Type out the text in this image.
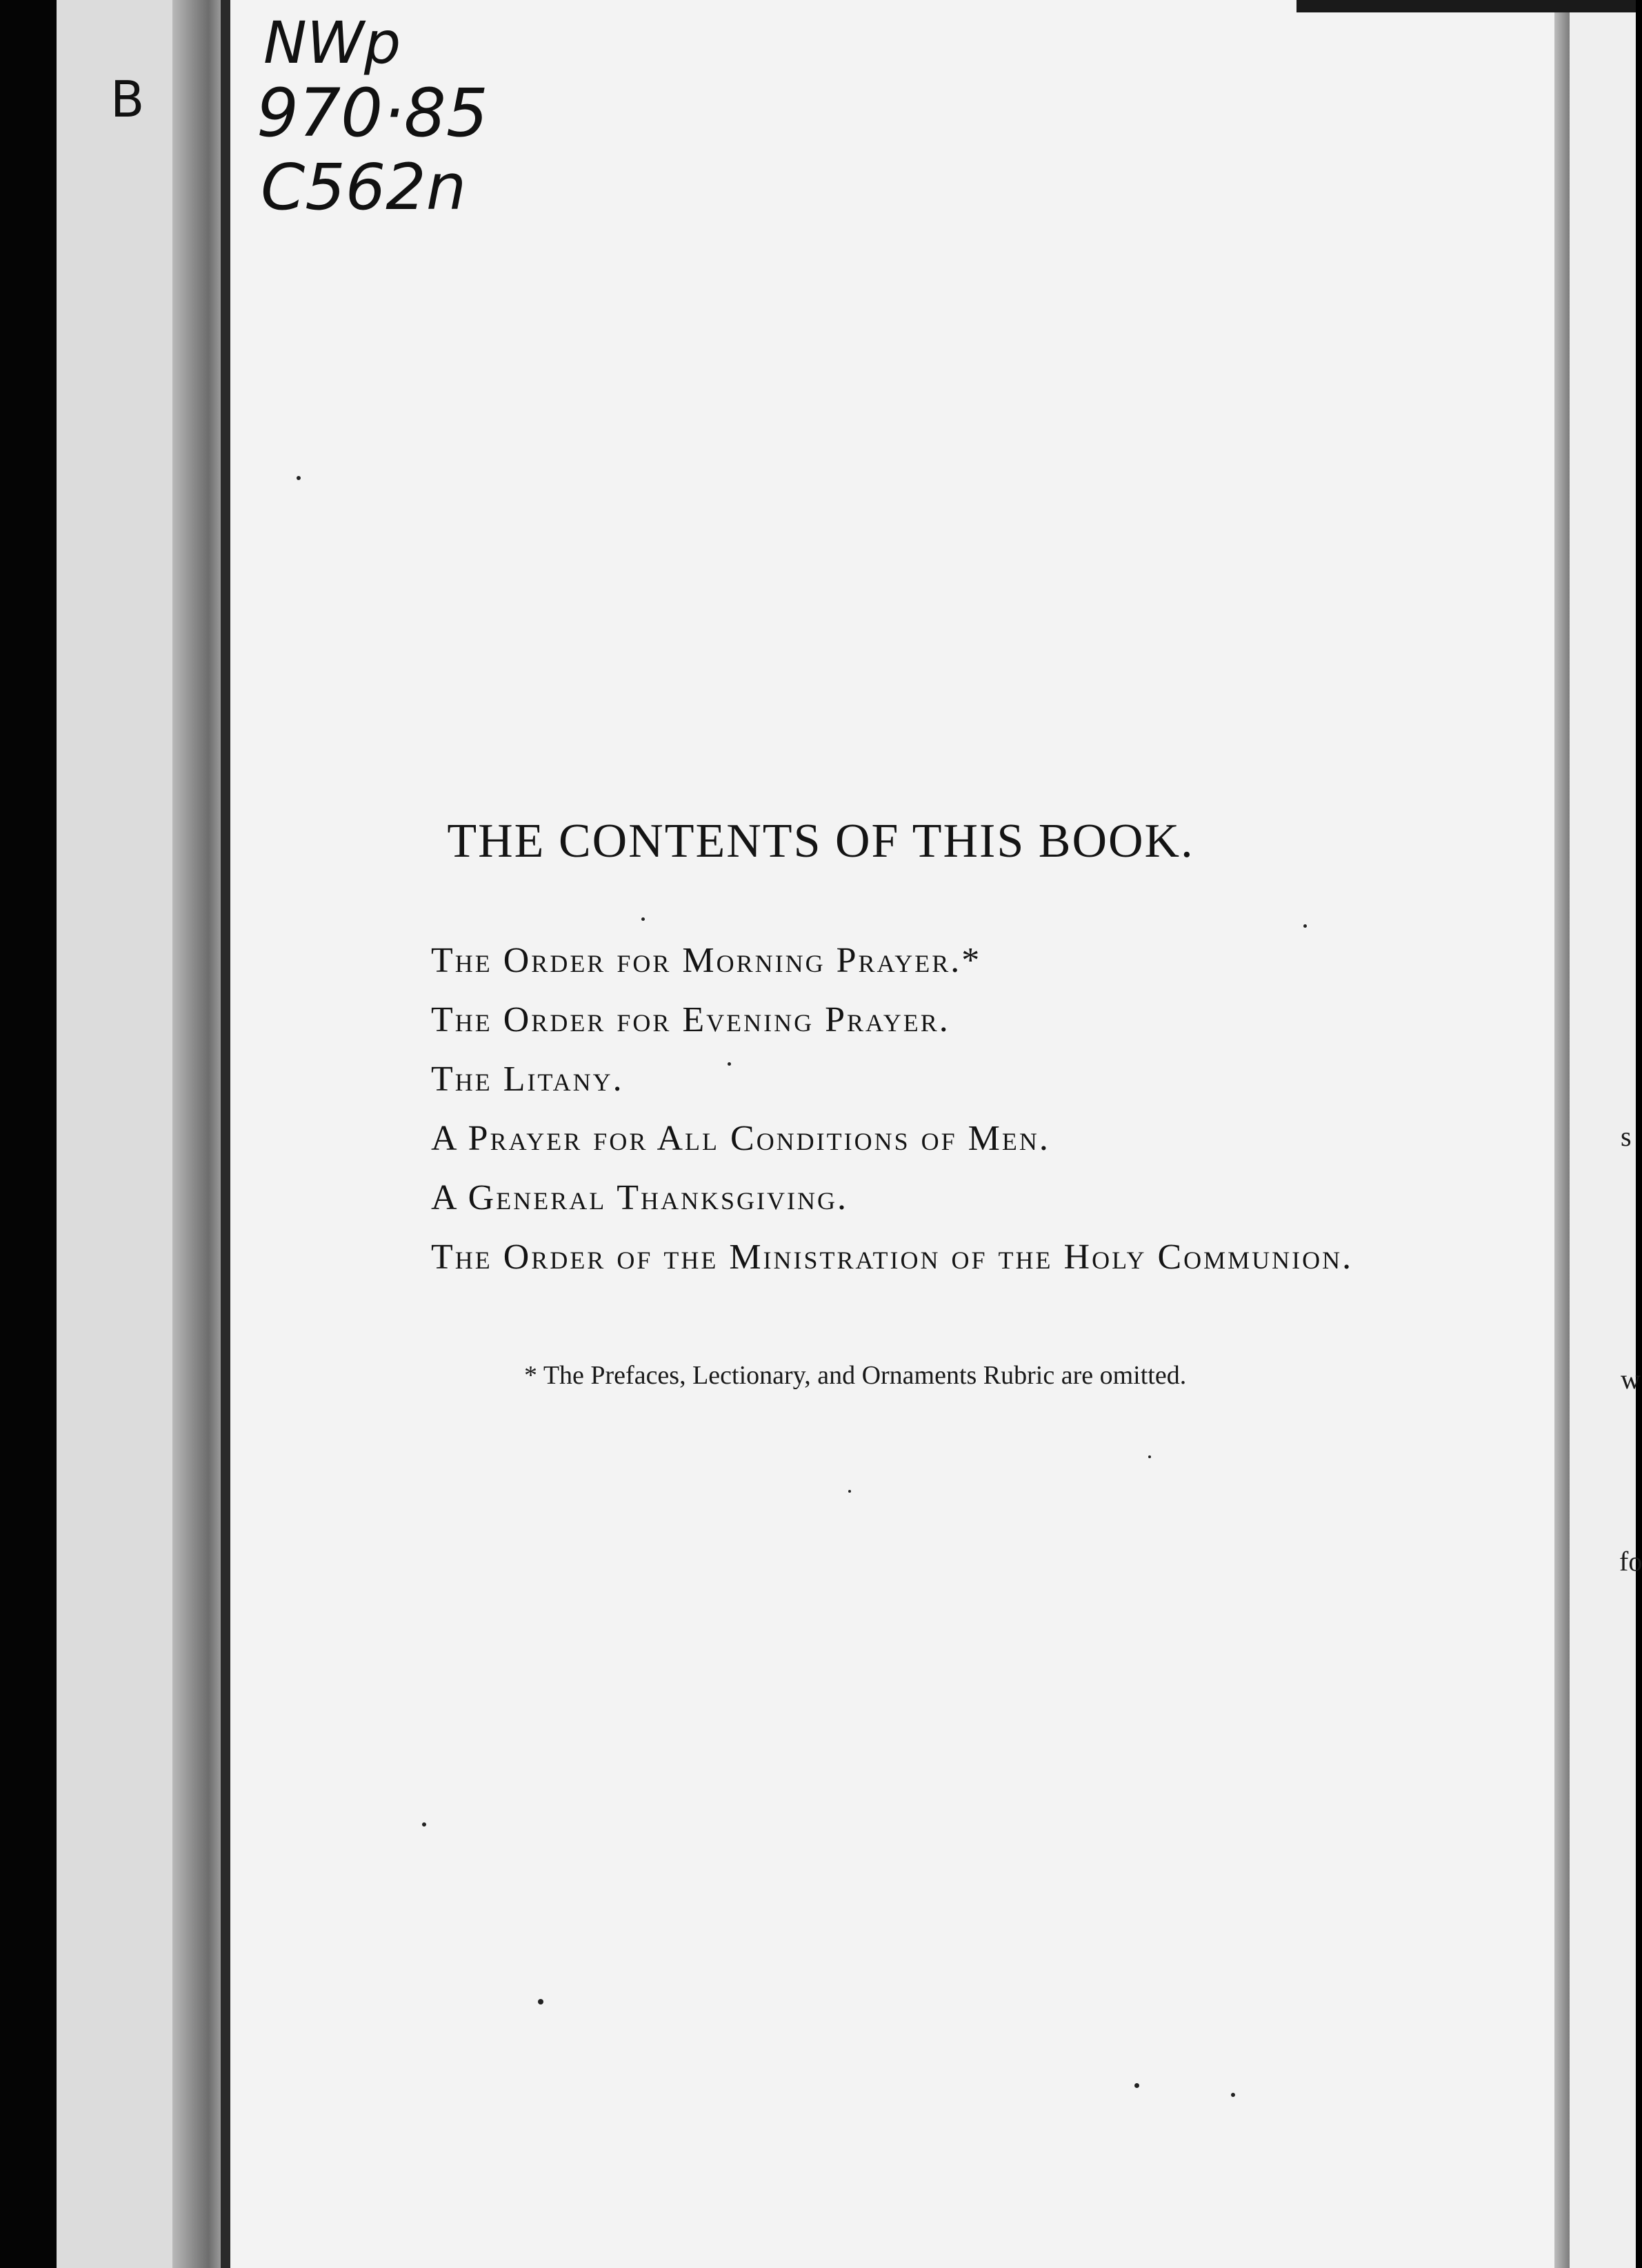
B
NWp
970·85
C562n
THE CONTENTS OF THIS BOOK.
The Order for Morning Prayer.*
The Order for Evening Prayer.
The Litany.
A Prayer for All Conditions of Men.
A General Thanksgiving.
The Order of the Ministration of the Holy Communion.
* The Prefaces, Lectionary, and Ornaments Rubric are omitted.
s
w
fo
